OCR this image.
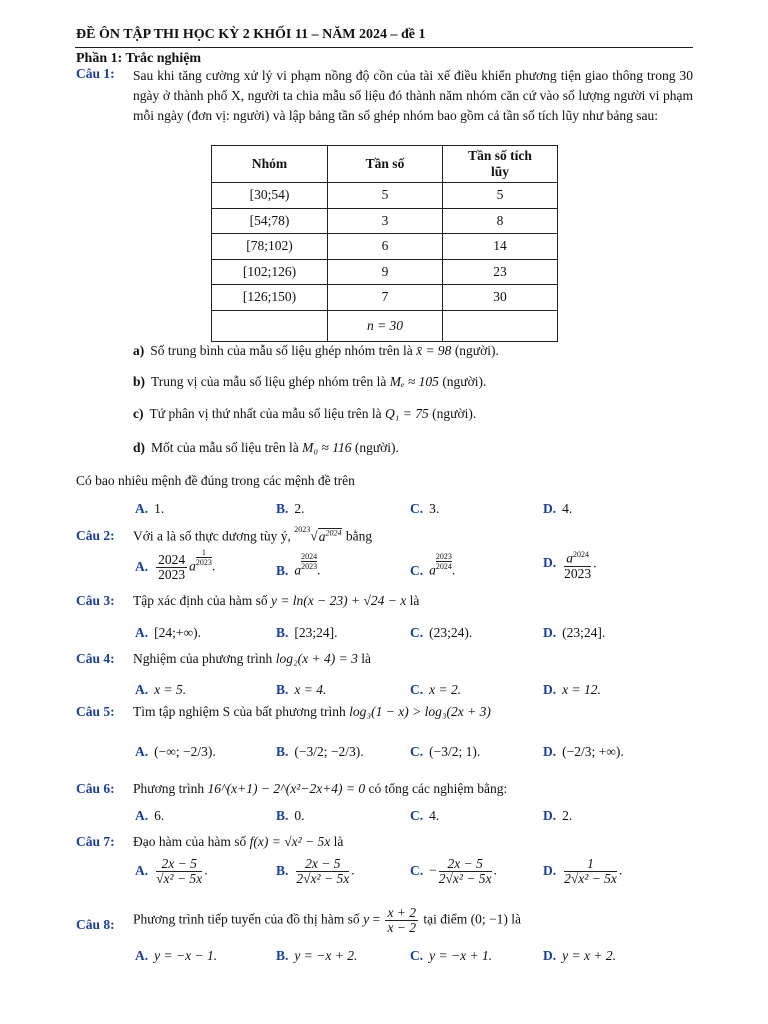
ĐỀ ÔN TẬP THI HỌC KỲ 2 KHỐI 11 – NĂM 2024 – đề 1
Phần 1: Trắc nghiệm
Câu 1: Sau khi tăng cường xử lý vi phạm nồng độ cồn của tài xế điều khiển phương tiện giao thông trong 30 ngày ở thành phố X, người ta chia mẫu số liệu đó thành năm nhóm căn cứ vào số lượng người vi phạm mỗi ngày (đơn vị: người) và lập bảng tần số ghép nhóm bao gồm cả tần số tích lũy như bảng sau:
Nhóm	Tần số	Tần số tích lũy
[30;54)	5	5
[54;78)	3	8
[78;102)	6	14
[102;126)	9	23
[126;150)	7	30
	n = 30	
a) Số trung bình của mẫu số liệu ghép nhóm trên là x̄ = 98 (người).
b) Trung vị của mẫu số liệu ghép nhóm trên là Mₑ ≈ 105 (người).
c) Tứ phân vị thứ nhất của mẫu số liệu trên là Q₁ = 75 (người).
d) Mốt của mẫu số liệu trên là M₀ ≈ 116 (người).
Có bao nhiêu mệnh đề đúng trong các mệnh đề trên
A. 1.	B. 2.	C. 3.	D. 4.
Câu 2: Với a là số thực dương tùy ý, $^{2023}√a^{2024}$ bằng
A. $\frac{2024}{2023}$ a $\frac{1}{2023}$ .	B. a $\frac{2024}{2023}$ .	C. a $\frac{2023}{2024}$ .	D. $\frac{a^{2024}}{2023}$ .
Câu 3: Tập xác định của hàm số y = ln(x − 23) + √24 − x là
A. [24;+∞).	B. [23;24].	C. (23;24).	D. (23;24].
Câu 4: Nghiệm của phương trình log₂(x + 4) = 3 là
A. x = 5.	B. x = 4.	C. x = 2.	D. x = 12.
Câu 5: Tìm tập nghiệm S của bất phương trình log₃(1 − x) > log₃(2x + 3)
A. (−∞; −2/3).	B. (−3/2; −2/3).	C. (−3/2; 1).	D. (−2/3; +∞).
Câu 6: Phương trình 16^(x+1) − 2^(x²−2x+4) = 0 có tổng các nghiệm bằng:
A. 6.	B. 0.	C. 4.	D. 2.
Câu 7: Đạo hàm của hàm số f(x) = √x² − 5x là
A. $\frac{2x - 5}{\text{√x² − 5x}}$ .	B. $\frac{2x - 5}{\text{2√x² − 5x}}$ .	C. − $\frac{2x - 5}{\text{2√x² − 5x}}$ .	D. $\frac{1}{\text{2√x² − 5x}}$ .
Câu 8: Phương trình tiếp tuyến của đồ thị hàm số $y = \frac{x + 2}{x - 2}$ tại điểm (0; −1) là
A. y = −x − 1.	B. y = −x + 2.	C. y = −x + 1.	D. y = x + 2.
